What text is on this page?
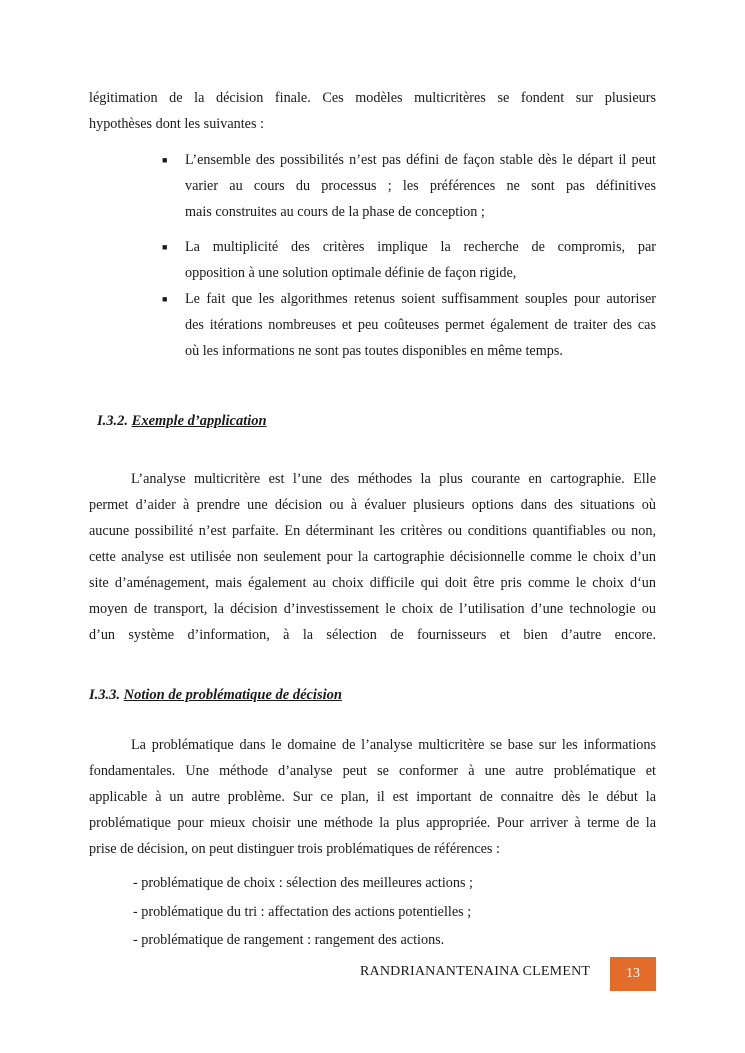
légitimation de la décision finale. Ces modèles multicritères se fondent sur plusieurs
hypothèses dont les suivantes :
■ L’ensemble des possibilités n’est pas défini de façon stable dès le départ il peut
varier au cours du processus ; les préférences ne sont pas définitives
mais construites au cours de la phase de conception ;
■ La multiplicité des critères implique la recherche de compromis, par
opposition à une solution optimale définie de façon rigide,
■ Le fait que les algorithmes retenus soient suffisamment souples pour autoriser
des itérations nombreuses et peu coûteuses permet également de traiter des cas
où les informations ne sont pas toutes disponibles en même temps.
I.3.2. Exemple d’application
L’analyse multicritère est l’une des méthodes la plus courante en cartographie. Elle
permet d’aider à prendre une décision ou à évaluer plusieurs options dans des situations où
aucune possibilité n’est parfaite. En déterminant les critères ou conditions quantifiables ou non,
cette analyse est utilisée non seulement pour la cartographie décisionnelle comme le choix d’un
site d’aménagement, mais également au choix difficile qui doit être pris comme le choix d‘un
moyen de transport, la décision d’investissement le choix de l’utilisation d’une technologie ou
d’un système d’information, à la sélection de fournisseurs et bien d’autre encore.
I.3.3. Notion de problématique de décision
La problématique dans le domaine de l’analyse multicritère se base sur les informations
fondamentales. Une méthode d’analyse peut se conformer à une autre problématique et
applicable à un autre problème. Sur ce plan, il est important de connaitre dès le début la
problématique pour mieux choisir une méthode la plus appropriée. Pour arriver à terme de la
prise de décision, on peut distinguer trois problématiques de références :
- problématique de choix : sélection des meilleures actions ;
- problématique du tri : affectation des actions potentielles ;
- problématique de rangement : rangement des actions.
RANDRIANANTENAINA CLEMENT	13
